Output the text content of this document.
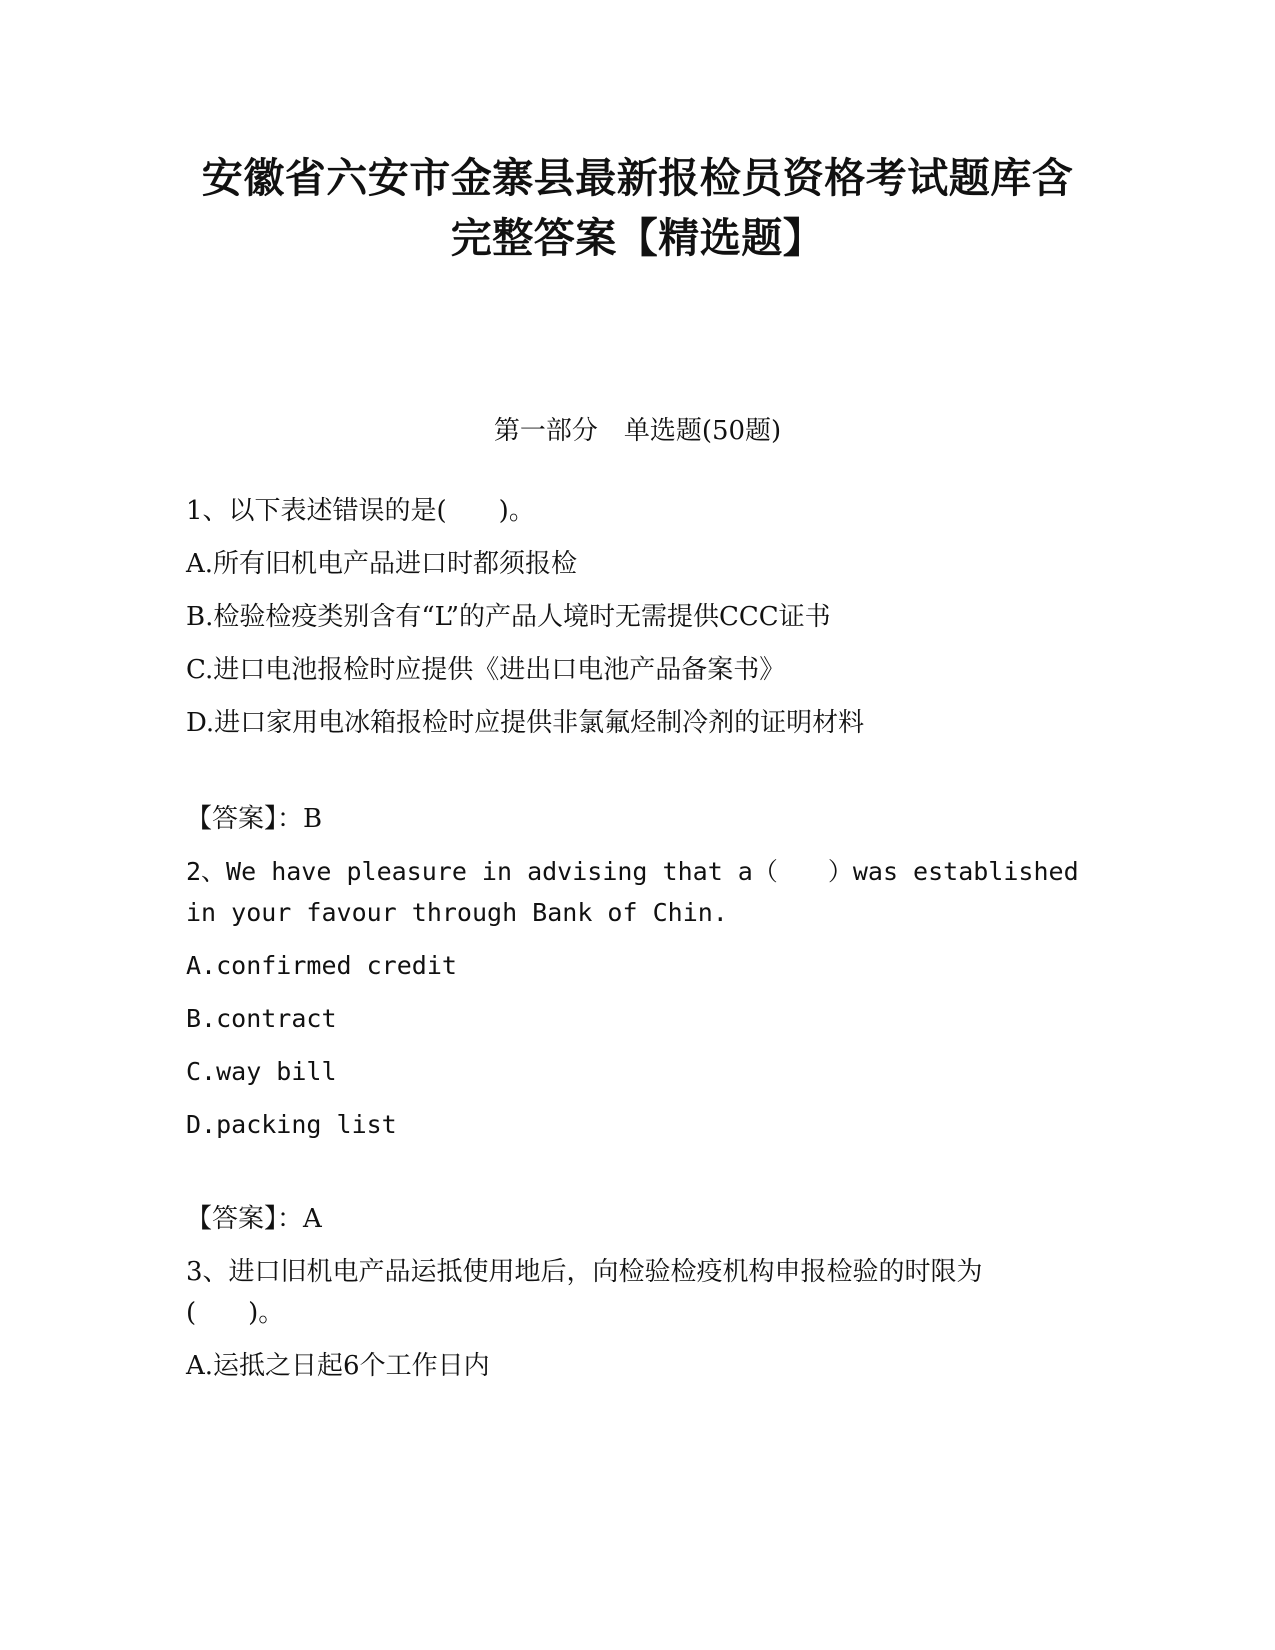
安徽省六安市金寨县最新报检员资格考试题库含
完整答案【精选题】
第一部分　单选题(50题)
1、以下表述错误的是(　　)。
A.所有旧机电产品进口时都须报检
B.检验检疫类别含有“L”的产品人境时无需提供CCC证书
C.进口电池报检时应提供《进出口电池产品备案书》
D.进口家用电冰箱报检时应提供非氯氟烃制冷剂的证明材料
【答案】：B
2、We have pleasure in advising that a（　　）was established
in your favour through Bank of Chin.
A.confirmed credit
B.contract
C.way bill
D.packing list
【答案】：A
3、进口旧机电产品运抵使用地后，向检验检疫机构申报检验的时限为
(　　)。
A.运抵之日起6个工作日内
